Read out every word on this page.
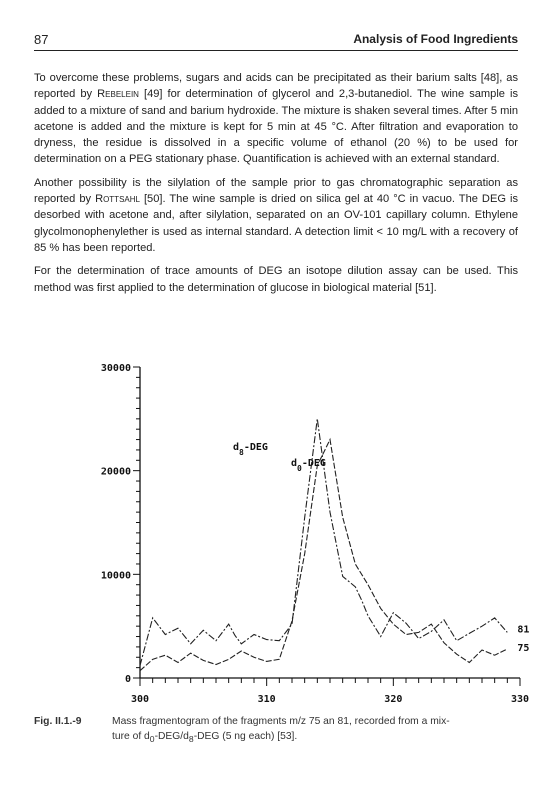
87	Analysis of Food Ingredients

To overcome these problems, sugars and acids can be precipitated as their barium salts [48], as reported by Rebelein [49] for determination of glycerol and 2,3-butanediol. The wine sample is added to a mixture of sand and barium hydroxide. The mixture is shaken several times. After 5 min acetone is added and the mixture is kept for 5 min at 45 °C. After filtration and evaporation to dryness, the residue is dissolved in a specific volume of ethanol (20 %) to be used for determination on a PEG stationary phase. Quantification is achieved with an external standard.

Another possibility is the silylation of the sample prior to gas chromatographic separation as reported by Rottsahl [50]. The wine sample is dried on silica gel at 40 °C in vacuo. The DEG is desorbed with acetone and, after silylation, separated on an OV-101 capillary column. Ethylene glycolmonophenylether is used as internal standard. A detection limit < 10 mg/L with a recovery of 85 % has been reported.

For the determination of trace amounts of DEG an isotope dilution assay can be used. This method was first applied to the determination of glucose in biological material [51].

0
10000
20000
30000
300	310	320	330
81
75
$d_8$-DEG
$d_0$-DEG
Fig. II.1.-9	Mass fragmentogram of the fragments m/z 75 an 81, recorded from a mix-
ture of $d_0-DEG/d_8$-DEG (5 ng each) [53].
